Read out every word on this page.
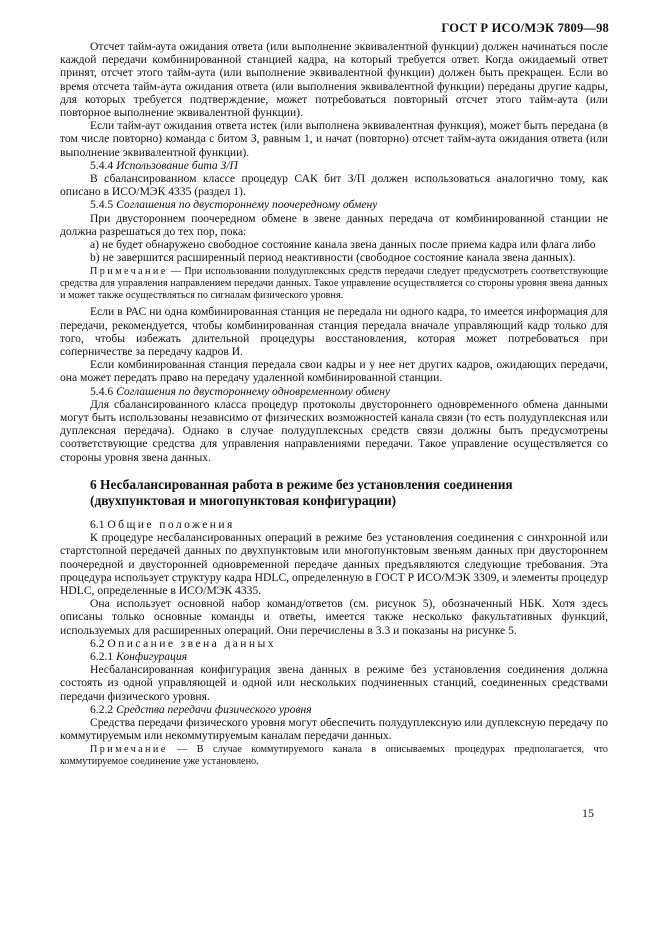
ГОСТ Р ИСО/МЭК 7809—98

Отсчет тайм-аута ожидания ответа (или выполнение эквивалентной функции) должен начинаться после каждой передачи комбинированной станцией кадра, на который требуется ответ. Когда ожидаемый ответ принят, отсчет этого тайм-аута (или выполнение эквивалентной функции) должен быть прекращен. Если во время отсчета тайм-аута ожидания ответа (или выполнения эквивалентной функции) переданы другие кадры, для которых требуется подтверждение, может потребоваться повторный отсчет этого тайм-аута (или повторное выполнение эквивалентной функции).

Если тайм-аут ожидания ответа истек (или выполнена эквивалентная функция), может быть передана (в том числе повторно) команда с битом З, равным 1, и начат (повторно) отсчет тайм-аута ожидания ответа (или выполнение эквивалентной функции).

5.4.4 Использование бита З/П

В сбалансированном классе процедур САК бит З/П должен использоваться аналогично тому, как описано в ИСО/МЭК 4335 (раздел 1).

5.4.5 Соглашения по двустороннему поочередному обмену

При двустороннем поочередном обмене в звене данных передача от комбинированной станции не должна разрешаться до тех пор, пока:

а) не будет обнаружено свободное состояние канала звена данных после приема кадра или флага либо

b) не завершится расширенный период неактивности (свободное состояние канала звена данных).

Примечание — При использовании полудуплексных средств передачи следует предусмотреть соответствующие средства для управления направлением передачи данных. Такое управление осуществляется со стороны уровня звена данных и может также осуществляться по сигналам физического уровня.

Если в РАС ни одна комбинированная станция не передала ни одного кадра, то имеется информация для передачи, рекомендуется, чтобы комбинированная станция передала вначале управляющий кадр только для того, чтобы избежать длительной процедуры восстановления, которая может потребоваться при соперничестве за передачу кадров И.

Если комбинированная станция передала свои кадры и у нее нет других кадров, ожидающих передачи, она может передать право на передачу удаленной комбинированной станции.

5.4.6 Соглашения по двустороннему одновременному обмену

Для сбалансированного класса процедур протоколы двустороннего одновременного обмена данными могут быть использованы независимо от физических возможностей канала связи (то есть полудуплексная или дуплексная передача). Однако в случае полудуплексных средств связи должны быть предусмотрены соответствующие средства для управления направлениями передачи. Такое управление осуществляется со стороны уровня звена данных.

6 Несбалансированная работа в режиме без установления соединения
(двухпунктовая и многопунктовая конфигурации)

6.1 Общие положения

К процедуре несбалансированных операций в режиме без установления соединения с синхронной или стартстопной передачей данных по двухпунктовым или многопунктовым звеньям данных при двустороннем поочередной и двусторонней одновременной передаче данных предъявляются следующие требования. Эта процедура использует структуру кадра HDLC, определенную в ГОСТ Р ИСО/МЭК 3309, и элементы процедур HDLC, определенные в ИСО/МЭК 4335.

Она использует основной набор команд/ответов (см. рисунок 5), обозначенный НБК. Хотя здесь описаны только основные команды и ответы, имеется также несколько факультативных функций, используемых для расширенных операций. Они перечислены в 3.3 и показаны на рисунке 5.

6.2 Описание звена данных

6.2.1 Конфигурация

Несбалансированная конфигурация звена данных в режиме без установления соединения должна состоять из одной управляющей и одной или нескольких подчиненных станций, соединенных средствами передачи физического уровня.

6.2.2 Средства передачи физического уровня

Средства передачи физического уровня могут обеспечить полудуплексную или дуплексную передачу по коммутируемым или некоммутируемым каналам передачи данных.

Примечание — В случае коммутируемого канала в описываемых процедурах предполагается, что коммутируемое соединение уже установлено.

15
